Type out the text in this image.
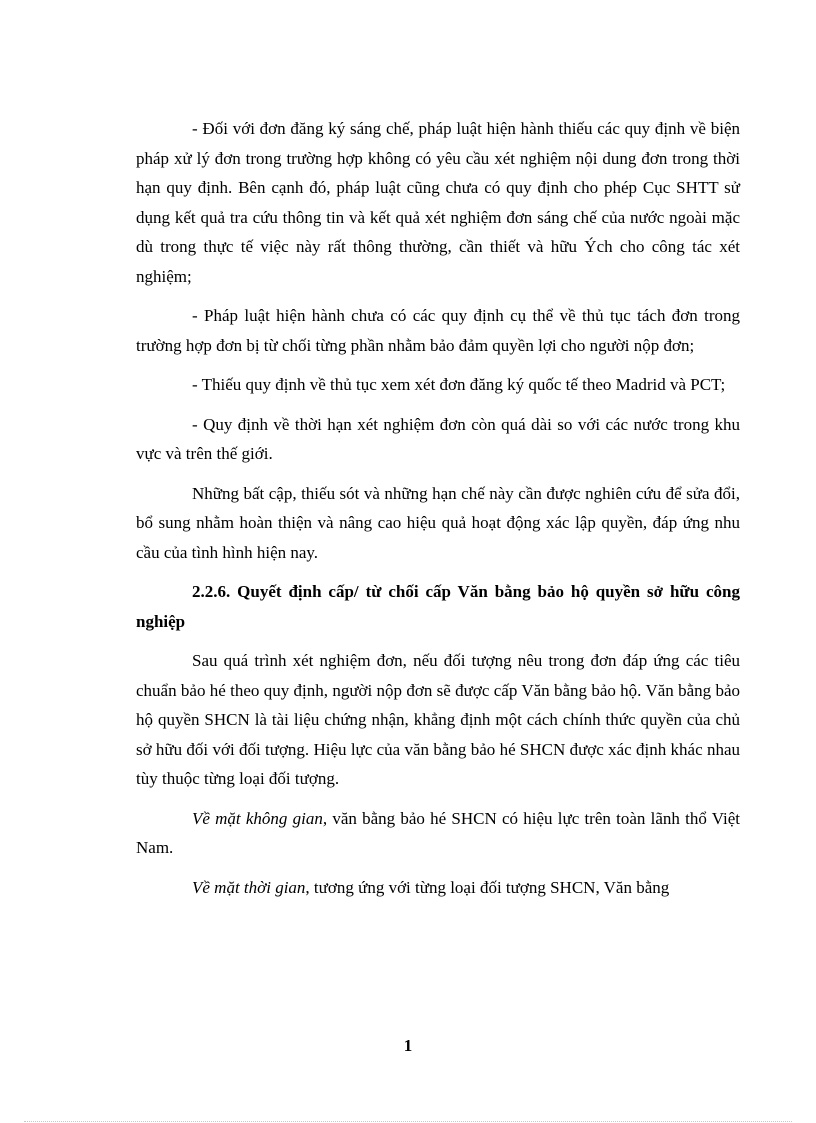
- Đối với đơn đăng ký sáng chế, pháp luật hiện hành thiếu các quy định về biện pháp xử lý đơn trong trường hợp không có yêu cầu xét nghiệm nội dung đơn trong thời hạn quy định. Bên cạnh đó, pháp luật cũng chưa có quy định cho phép Cục SHTT sử dụng kết quả tra cứu thông tin và kết quả xét nghiệm đơn sáng chế của nước ngoài mặc dù trong thực tế việc này rất thông thường, cần thiết và hữu Ých cho công tác xét nghiệm;

- Pháp luật hiện hành chưa có các quy định cụ thể về thủ tục tách đơn trong trường hợp đơn bị từ chối từng phần nhằm bảo đảm quyền lợi cho người nộp đơn;

- Thiếu quy định về thủ tục xem xét đơn đăng ký quốc tế theo Madrid và PCT;

- Quy định về thời hạn xét nghiệm đơn còn quá dài so với các nước trong khu vực và trên thế giới.

Những bất cập, thiếu sót và những hạn chế này cần được nghiên cứu để sửa đổi, bổ sung nhằm hoàn thiện và nâng cao hiệu quả hoạt động xác lập quyền, đáp ứng nhu cầu của tình hình hiện nay.

2.2.6. Quyết định cấp/ từ chối cấp Văn bằng bảo hộ quyền sở hữu công nghiệp

Sau quá trình xét nghiệm đơn, nếu đối tượng nêu trong đơn đáp ứng các tiêu chuẩn bảo hé theo quy định, người nộp đơn sẽ được cấp Văn bằng bảo hộ. Văn bằng bảo hộ quyền SHCN là tài liệu chứng nhận, khẳng định một cách chính thức quyền của chủ sở hữu đối với đối tượng. Hiệu lực của văn bằng bảo hé SHCN được xác định khác nhau tùy thuộc từng loại đối tượng.

Về mặt không gian, văn bằng bảo hé SHCN có hiệu lực trên toàn lãnh thổ Việt Nam.

Về mặt thời gian, tương ứng với từng loại đối tượng SHCN, Văn bằng

1
